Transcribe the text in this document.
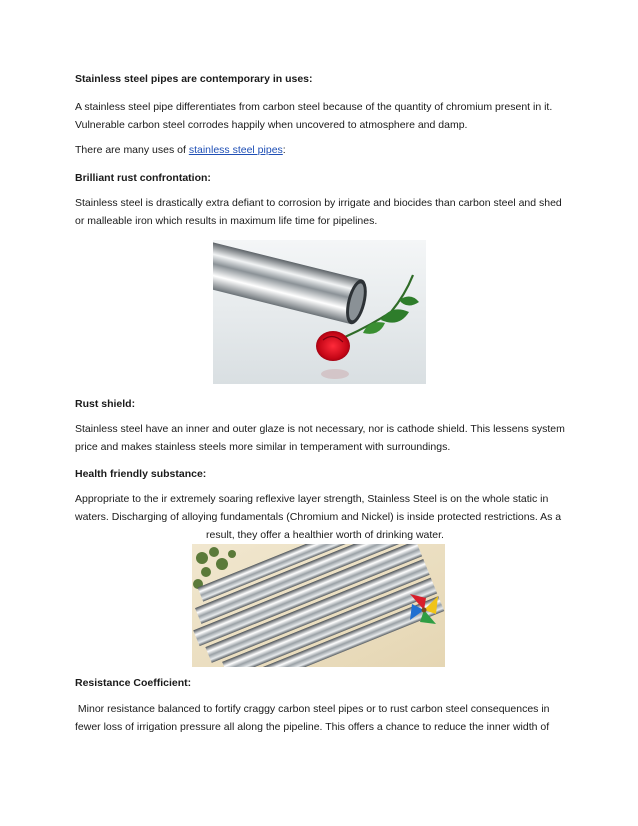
Stainless steel pipes are contemporary in uses:
A stainless steel pipe differentiates from carbon steel because of the quantity of chromium present in it. Vulnerable carbon steel corrodes happily when uncovered to atmosphere and damp.
There are many uses of stainless steel pipes:
Brilliant rust confrontation:
Stainless steel is drastically extra defiant to corrosion by irrigate and biocides than carbon steel and shed or malleable iron which results in maximum life time for pipelines.
Rust shield:
Stainless steel have an inner and outer glaze is not necessary, nor is cathode shield. This lessens system price and makes stainless steels more similar in temperament with surroundings.
Health friendly substance:
Appropriate to the ir extremely soaring reflexive layer strength, Stainless Steel is on the whole static in waters. Discharging of alloying fundamentals (Chromium and Nickel) is inside protected restrictions. As a
result, they offer a healthier worth of drinking water.
Resistance Coefficient:
Minor resistance balanced to fortify craggy carbon steel pipes or to rust carbon steel consequences in fewer loss of irrigation pressure all along the pipeline. This offers a chance to reduce the inner width of
